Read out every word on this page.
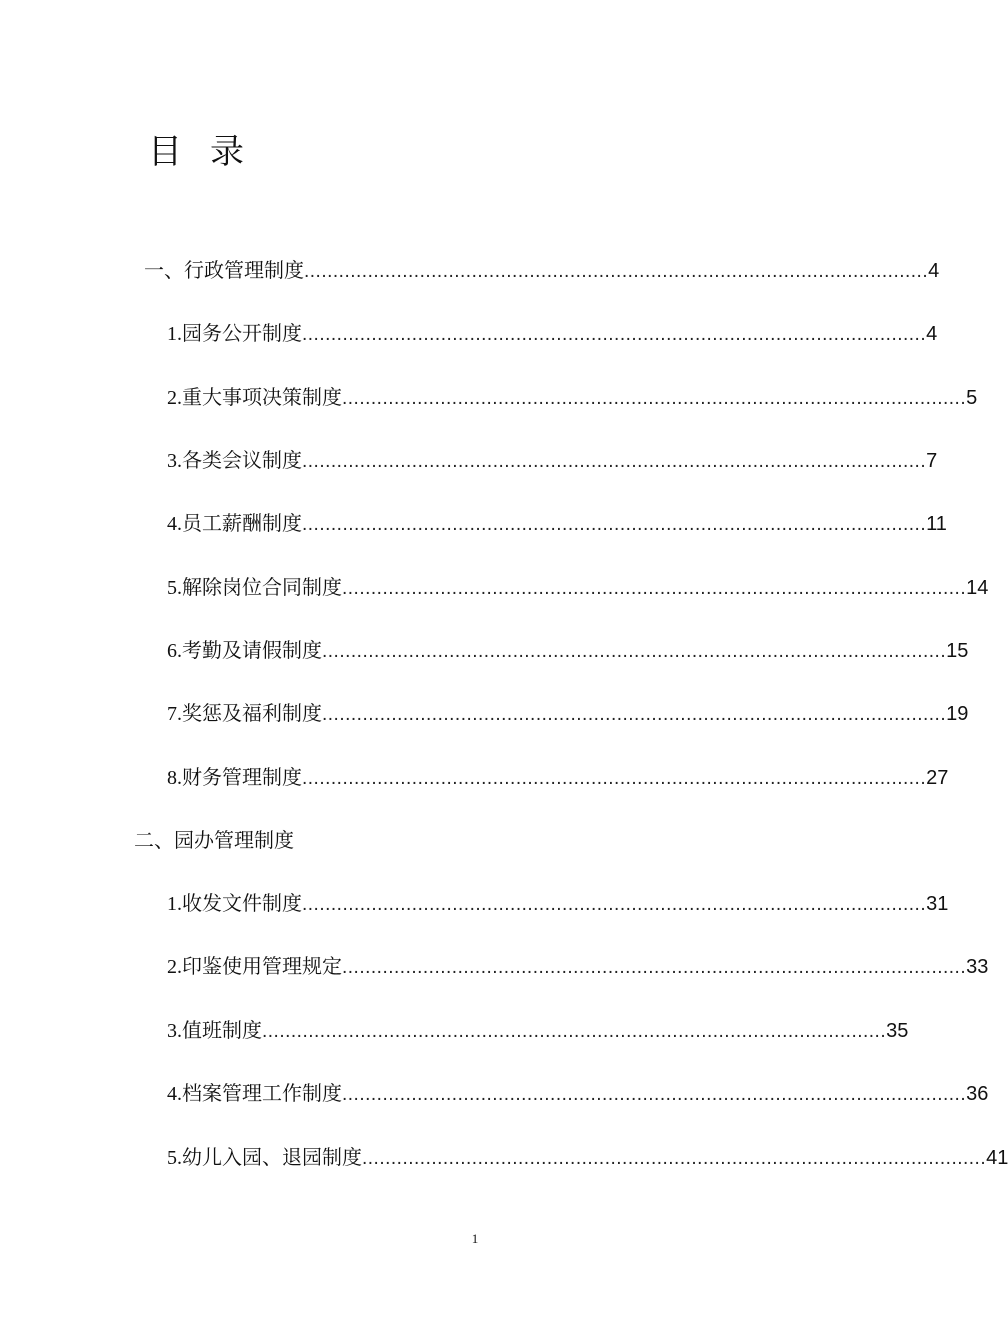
目 录
一、行政管理制度 ............................................................................................................ 4
1. 园务公开制度 ............................................................................................................ 4
2. 重大事项决策制度 ............................................................................................................ 5
3. 各类会议制度 ............................................................................................................ 7
4. 员工薪酬制度 ............................................................................................................ 11
5. 解除岗位合同制度 ............................................................................................................ 14
6. 考勤及请假制度 ............................................................................................................ 15
7. 奖惩及福利制度 ............................................................................................................ 19
8. 财务管理制度 ............................................................................................................ 27
二、园办管理制度
1. 收发文件制度 ............................................................................................................ 31
2. 印鉴使用管理规定 ............................................................................................................ 33
3. 值班制度 ............................................................................................................ 35
4. 档案管理工作制度 ............................................................................................................ 36
5. 幼儿入园、退园制度 ............................................................................................................ 41
1
